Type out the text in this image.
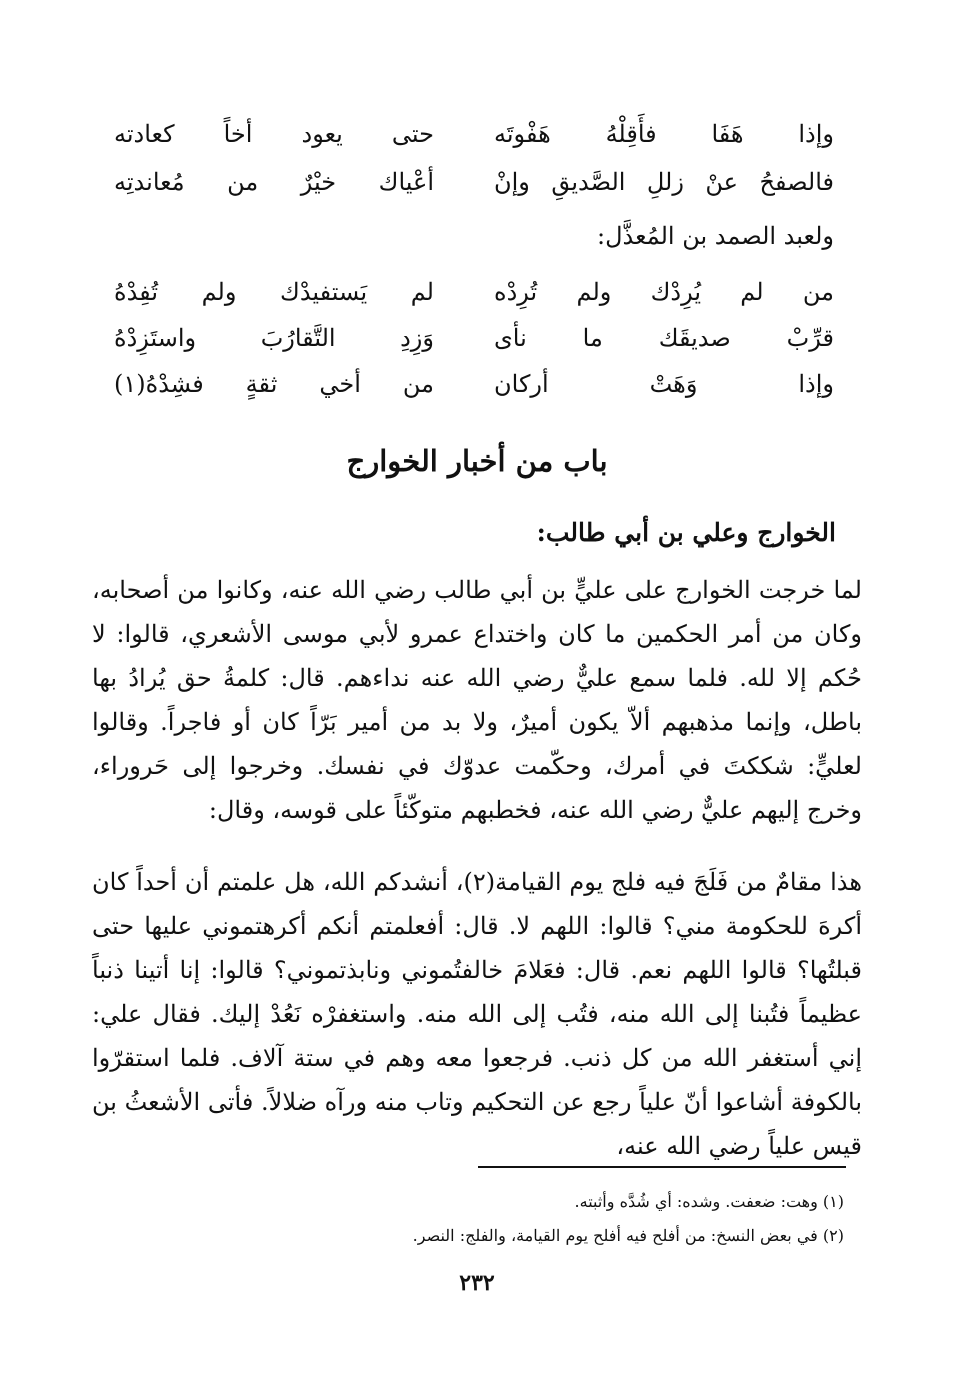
وإذا هَفَا فأَقِلْهُ هَفْوتَه
حتى يعود أخاً كعادته
فالصفحُ عنْ زللِ الصَّديقِ وإنْ
أعْياك خيْرٌ من مُعاندتِه
ولعبد الصمد بن المُعذَّل:
من لم يُرِدْك ولم تُرِدْه
لم يَستفيدْك ولم تُفِدْهُ
قرِّبْ صديقَك ما نأى
وَزِدِ التَّقارُبَ واستَزِدْهُ
وإذا وَهَتْ أركان
من أخي ثقةٍ فشِدْهُ(١)
باب من أخبار الخوارج
الخوارج وعلي بن أبي طالب:
لما خرجت الخوارج على عليٍّ بن أبي طالب رضي الله عنه، وكانوا من أصحابه، وكان من أمر الحكمين ما كان واختداع عمرو لأبي موسى الأشعري، قالوا: لا حُكم إلا لله. فلما سمع عليٌّ رضي الله عنه نداءهم. قال: كلمةُ حق يُرادُ بها باطل، وإنما مذهبهم ألاّ يكون أميرٌ، ولا بد من أمير بَرّاً كان أو فاجراً. وقالوا لعليٍّ: شككتَ في أمرك، وحكّمت عدوّك في نفسك. وخرجوا إلى حَروراء، وخرج إليهم عليٌّ رضي الله عنه، فخطبهم متوكّئاً على قوسه، وقال:
هذا مقامٌ من فَلَجَ فيه فلج يوم القيامة(٢)، أنشدكم الله، هل علمتم أن أحداً كان أكرهَ للحكومة مني؟ قالوا: اللهم لا. قال: أفعلمتم أنكم أكرهتموني عليها حتى قبلتُها؟ قالوا اللهم نعم. قال: فعَلامَ خالفتُموني ونابذتموني؟ قالوا: إنا أتينا ذنباً عظيماً فتُبنا إلى الله منه، فتُب إلى الله منه. واستغفرْه نَعُدْ إليك. فقال علي: إني أستغفر الله من كل ذنب. فرجعوا معه وهم في ستة آلاف. فلما استقرّوا بالكوفة أشاعوا أنّ علياً رجع عن التحكيم وتاب منه ورآه ضلالاً. فأتى الأشعثُ بن قيس علياً رضي الله عنه،
(١) وهت: ضعفت. وشده: أي شُدَّه وأثبته.
(٢) في بعض النسخ: من أفلح فيه أفلح يوم القيامة، والفلج: النصر.
٢٣٢
